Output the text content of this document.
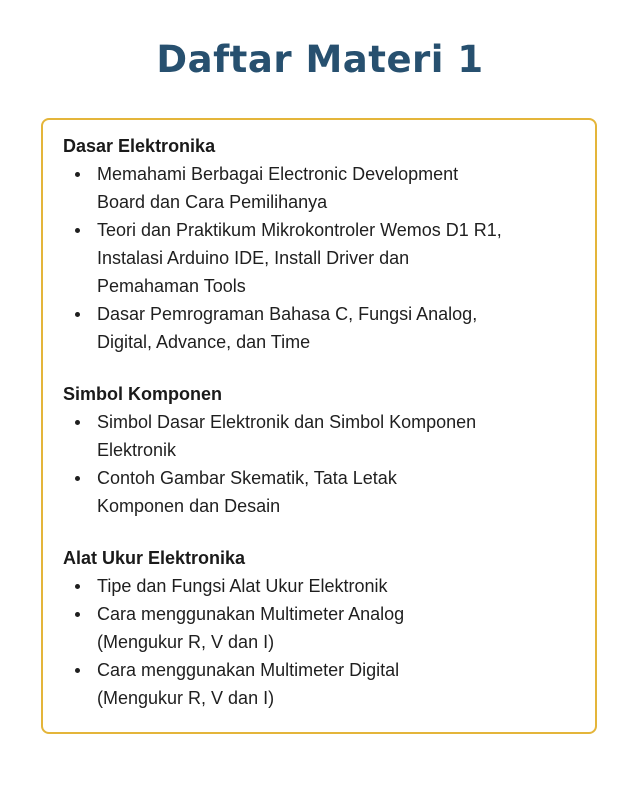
Daftar Materi 1
Dasar Elektronika
Memahami Berbagai Electronic Development
Board dan Cara Pemilihanya
Teori dan Praktikum Mikrokontroler Wemos D1 R1,
Instalasi Arduino IDE, Install Driver dan
Pemahaman Tools
Dasar Pemrograman Bahasa C, Fungsi Analog,
Digital, Advance, dan Time
Simbol Komponen
Simbol Dasar Elektronik dan Simbol Komponen
Elektronik
Contoh Gambar Skematik, Tata Letak
Komponen dan Desain
Alat Ukur Elektronika
Tipe dan Fungsi Alat Ukur Elektronik
Cara menggunakan Multimeter Analog
(Mengukur R, V dan I)
Cara menggunakan Multimeter Digital
(Mengukur R, V dan I)
